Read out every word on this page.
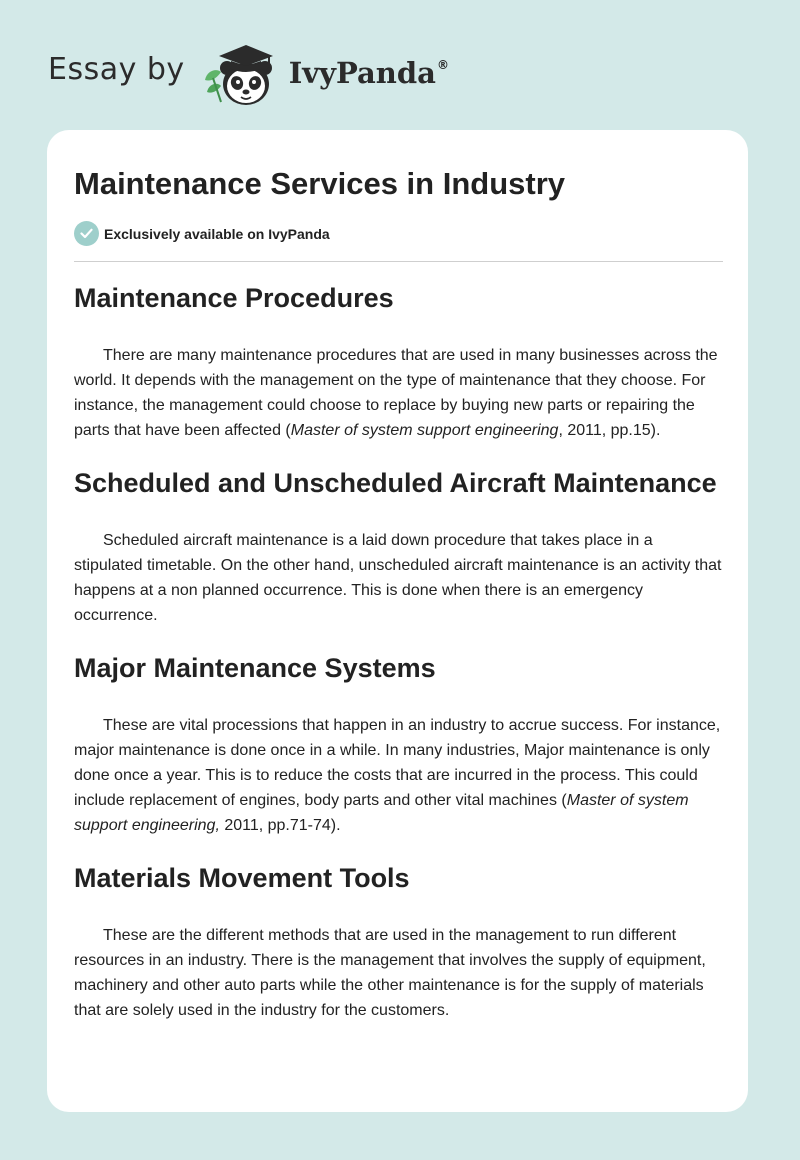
Essay by	IvyPanda®
Maintenance Services in Industry
Exclusively available on IvyPanda
Maintenance Procedures

There are many maintenance procedures that are used in many businesses across the world. It depends with the management on the type of maintenance that they choose. For instance, the management could choose to replace by buying new parts or repairing the parts that have been affected (Master of system support engineering, 2011, pp.15).

Scheduled and Unscheduled Aircraft Maintenance

Scheduled aircraft maintenance is a laid down procedure that takes place in a stipulated timetable. On the other hand, unscheduled aircraft maintenance is an activity that happens at a non planned occurrence. This is done when there is an emergency occurrence.

Major Maintenance Systems

These are vital processions that happen in an industry to accrue success. For instance, major maintenance is done once in a while. In many industries, Major maintenance is only done once a year. This is to reduce the costs that are incurred in the process. This could include replacement of engines, body parts and other vital machines (Master of system support engineering, 2011, pp.71-74).

Materials Movement Tools

These are the different methods that are used in the management to run different resources in an industry. There is the management that involves the supply of equipment, machinery and other auto parts while the other maintenance is for the supply of materials that are solely used in the industry for the customers.
